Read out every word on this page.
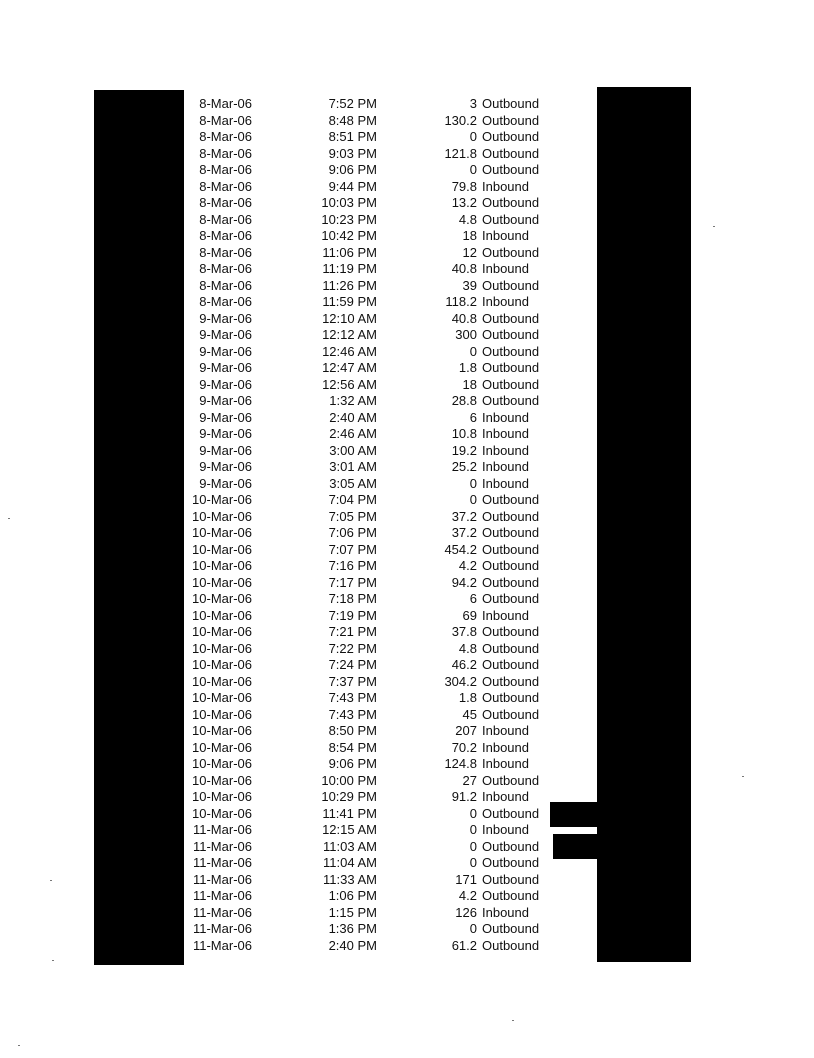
8-Mar-06	7:52 PM	3 Outbound
8-Mar-06	8:48 PM	130.2 Outbound
8-Mar-06	8:51 PM	0 Outbound
8-Mar-06	9:03 PM	121.8 Outbound
8-Mar-06	9:06 PM	0 Outbound
8-Mar-06	9:44 PM	79.8 Inbound
8-Mar-06	10:03 PM	13.2 Outbound
8-Mar-06	10:23 PM	4.8 Outbound
8-Mar-06	10:42 PM	18 Inbound
8-Mar-06	11:06 PM	12 Outbound
8-Mar-06	11:19 PM	40.8 Inbound
8-Mar-06	11:26 PM	39 Outbound
8-Mar-06	11:59 PM	118.2 Inbound
9-Mar-06	12:10 AM	40.8 Outbound
9-Mar-06	12:12 AM	300 Outbound
9-Mar-06	12:46 AM	0 Outbound
9-Mar-06	12:47 AM	1.8 Outbound
9-Mar-06	12:56 AM	18 Outbound
9-Mar-06	1:32 AM	28.8 Outbound
9-Mar-06	2:40 AM	6 Inbound
9-Mar-06	2:46 AM	10.8 Inbound
9-Mar-06	3:00 AM	19.2 Inbound
9-Mar-06	3:01 AM	25.2 Inbound
9-Mar-06	3:05 AM	0 Inbound
10-Mar-06	7:04 PM	0 Outbound
10-Mar-06	7:05 PM	37.2 Outbound
10-Mar-06	7:06 PM	37.2 Outbound
10-Mar-06	7:07 PM	454.2 Outbound
10-Mar-06	7:16 PM	4.2 Outbound
10-Mar-06	7:17 PM	94.2 Outbound
10-Mar-06	7:18 PM	6 Outbound
10-Mar-06	7:19 PM	69 Inbound
10-Mar-06	7:21 PM	37.8 Outbound
10-Mar-06	7:22 PM	4.8 Outbound
10-Mar-06	7:24 PM	46.2 Outbound
10-Mar-06	7:37 PM	304.2 Outbound
10-Mar-06	7:43 PM	1.8 Outbound
10-Mar-06	7:43 PM	45 Outbound
10-Mar-06	8:50 PM	207 Inbound
10-Mar-06	8:54 PM	70.2 Inbound
10-Mar-06	9:06 PM	124.8 Inbound
10-Mar-06	10:00 PM	27 Outbound
10-Mar-06	10:29 PM	91.2 Inbound
10-Mar-06	11:41 PM	0 Outbound
11-Mar-06	12:15 AM	0 Inbound
11-Mar-06	11:03 AM	0 Outbound
11-Mar-06	11:04 AM	0 Outbound
11-Mar-06	11:33 AM	171 Outbound
11-Mar-06	1:06 PM	4.2 Outbound
11-Mar-06	1:15 PM	126 Inbound
11-Mar-06	1:36 PM	0 Outbound
11-Mar-06	2:40 PM	61.2 Outbound
